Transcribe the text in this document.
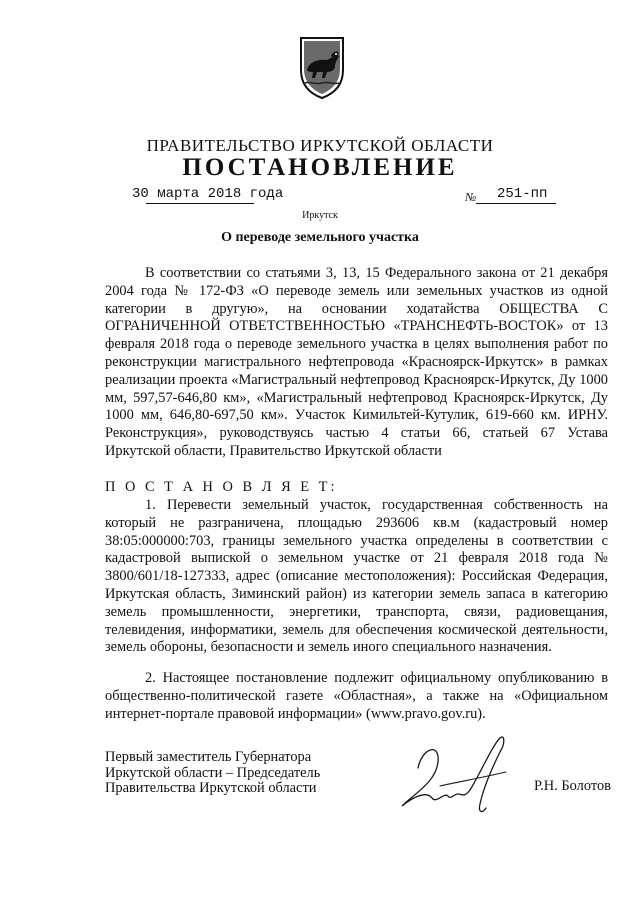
ПРАВИТЕЛЬСТВО ИРКУТСКОЙ ОБЛАСТИ
ПОСТАНОВЛЕНИЕ
30 марта 2018 года	№ 251-пп
Иркутск
О переводе земельного участка
В соответствии со статьями 3, 13, 15 Федерального закона от 21 декабря 2004 года № 172-ФЗ «О переводе земель или земельных участков из одной категории в другую», на основании ходатайства ОБЩЕСТВА С ОГРАНИЧЕННОЙ ОТВЕТСТВЕННОСТЬЮ «ТРАНСНЕФТЬ-ВОСТОК» от 13 февраля 2018 года о переводе земельного участка в целях выполнения работ по реконструкции магистрального нефтепровода «Красноярск-Иркутск» в рамках реализации проекта «Магистральный нефтепровод Красноярск-Иркутск, Ду 1000 мм, 597,57-646,80 км», «Магистральный нефтепровод Красноярск-Иркутск, Ду 1000 мм, 646,80-697,50 км». Участок Кимильтей-Кутулик, 619-660 км. ИРНУ. Реконструкция», руководствуясь частью 4 статьи 66, статьей 67 Устава Иркутской области, Правительство Иркутской области
П О С Т А Н О В Л Я Е Т:
1. Перевести земельный участок, государственная собственность на который не разграничена, площадью 293606 кв.м (кадастровый номер 38:05:000000:703, границы земельного участка определены в соответствии с кадастровой выпиской о земельном участке от 21 февраля 2018 года № 3800/601/18-127333, адрес (описание местоположения): Российская Федерация, Иркутская область, Зиминский район) из категории земель запаса в категорию земель промышленности, энергетики, транспорта, связи, радиовещания, телевидения, информатики, земель для обеспечения космической деятельности, земель обороны, безопасности и земель иного специального назначения.
2. Настоящее постановление подлежит официальному опубликованию в общественно-политической газете «Областная», а также на «Официальном интернет-портале правовой информации» (www.pravo.gov.ru).
Первый заместитель Губернатора
Иркутской области – Председатель
Правительства Иркутской области	Р.Н. Болотов
